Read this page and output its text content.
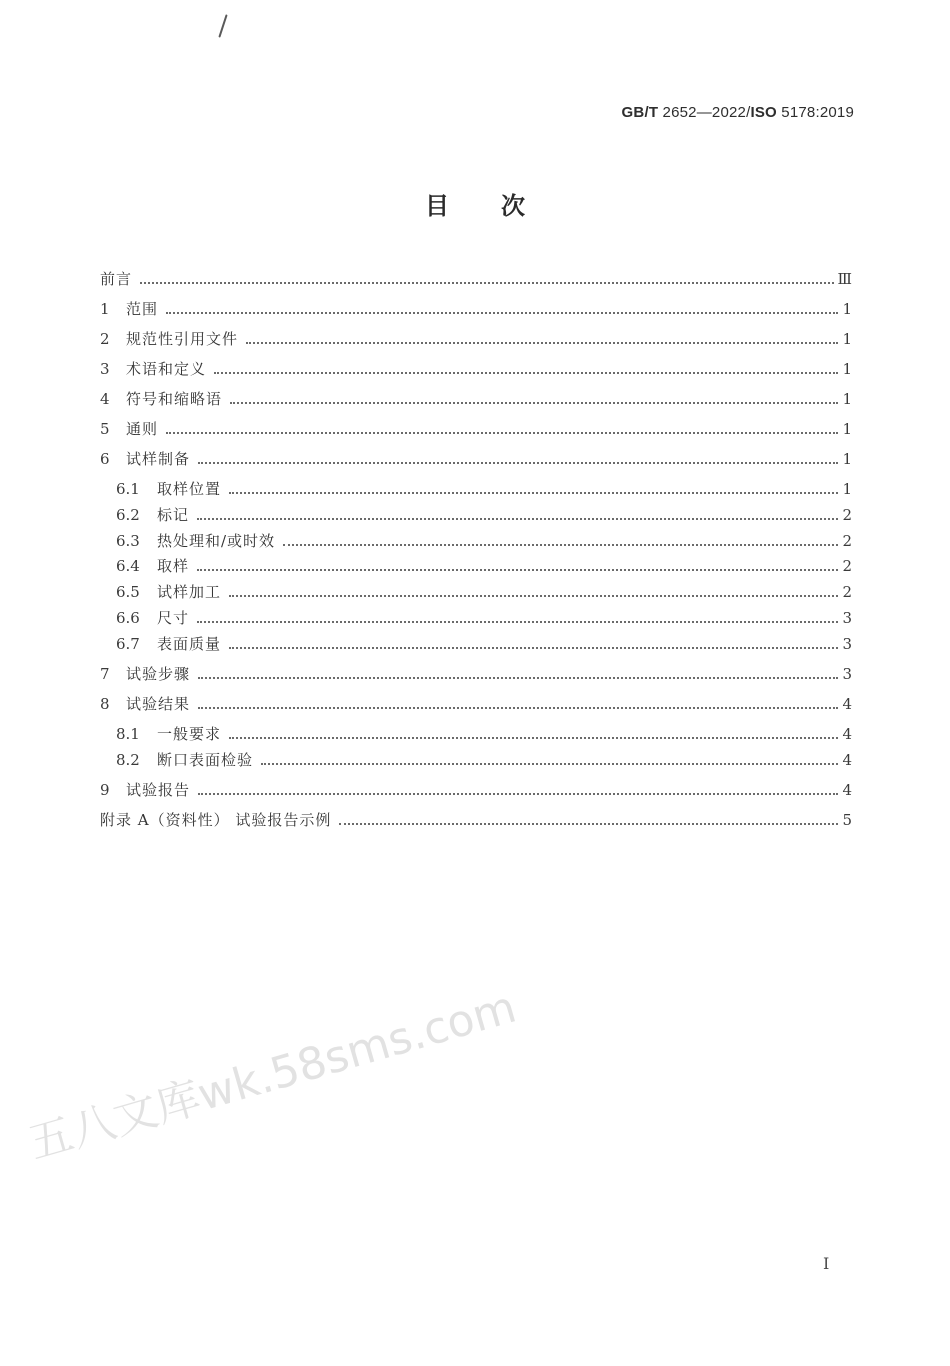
GB/T 2652—2022/ISO 5178:2019
目次
前言	Ⅲ
1	范围	1
2	规范性引用文件	1
3	术语和定义	1
4	符号和缩略语	1
5	通则	1
6	试样制备	1
6.1	取样位置	1
6.2	标记	2
6.3	热处理和/或时效	2
6.4	取样	2
6.5	试样加工	2
6.6	尺寸	3
6.7	表面质量	3
7	试验步骤	3
8	试验结果	4
8.1	一般要求	4
8.2	断口表面检验	4
9	试验报告	4
附录 A（资料性） 试验报告示例	5
I
五八文库wk.58sms.com
